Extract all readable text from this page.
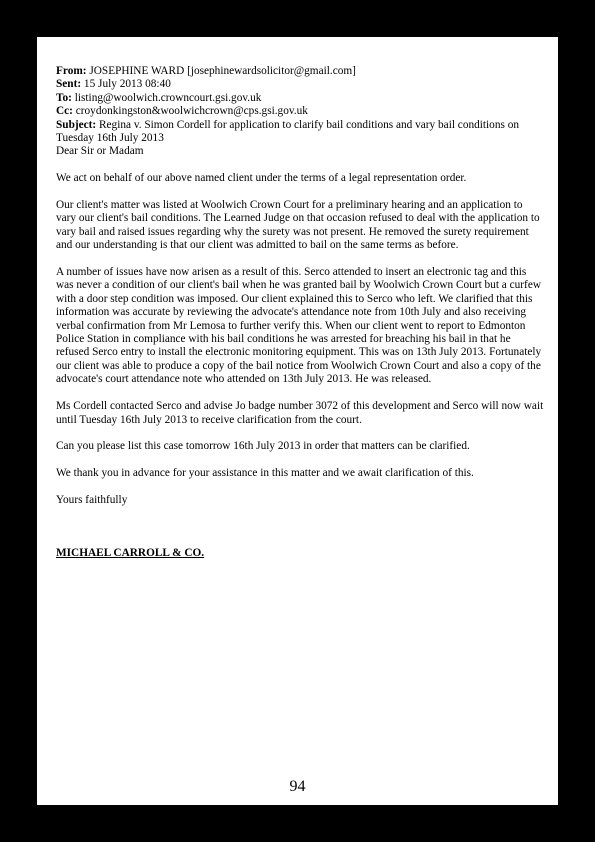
From: JOSEPHINE WARD [josephinewardsolicitor@gmail.com]
Sent: 15 July 2013 08:40
To: listing@woolwich.crowncourt.gsi.gov.uk
Cc: croydonkingston&woolwichcrown@cps.gsi.gov.uk
Subject: Regina v. Simon Cordell for application to clarify bail conditions and vary bail conditions on Tuesday 16th July 2013
Dear Sir or Madam
We act on behalf of our above named client under the terms of a legal representation order.
Our client's matter was listed at Woolwich Crown Court for a preliminary hearing and an application to vary our client's bail conditions. The Learned Judge on that occasion refused to deal with the application to vary bail and raised issues regarding why the surety was not present. He removed the surety requirement and our understanding is that our client was admitted to bail on the same terms as before.
A number of issues have now arisen as a result of this. Serco attended to insert an electronic tag and this was never a condition of our client's bail when he was granted bail by Woolwich Crown Court but a curfew with a door step condition was imposed. Our client explained this to Serco who left. We clarified that this information was accurate by reviewing the advocate's attendance note from 10th July and also receiving verbal confirmation from Mr Lemosa to further verify this. When our client went to report to Edmonton Police Station in compliance with his bail conditions he was arrested for breaching his bail in that he refused Serco entry to install the electronic monitoring equipment. This was on 13th July 2013. Fortunately our client was able to produce a copy of the bail notice from Woolwich Crown Court and also a copy of the advocate's court attendance note who attended on 13th July 2013. He was released.
Ms Cordell contacted Serco and advise Jo badge number 3072 of this development and Serco will now wait until Tuesday 16th July 2013 to receive clarification from the court.
Can you please list this case tomorrow 16th July 2013 in order that matters can be clarified.
We thank you in advance for your assistance in this matter and we await clarification of this.
Yours faithfully
MICHAEL CARROLL & CO.
94
